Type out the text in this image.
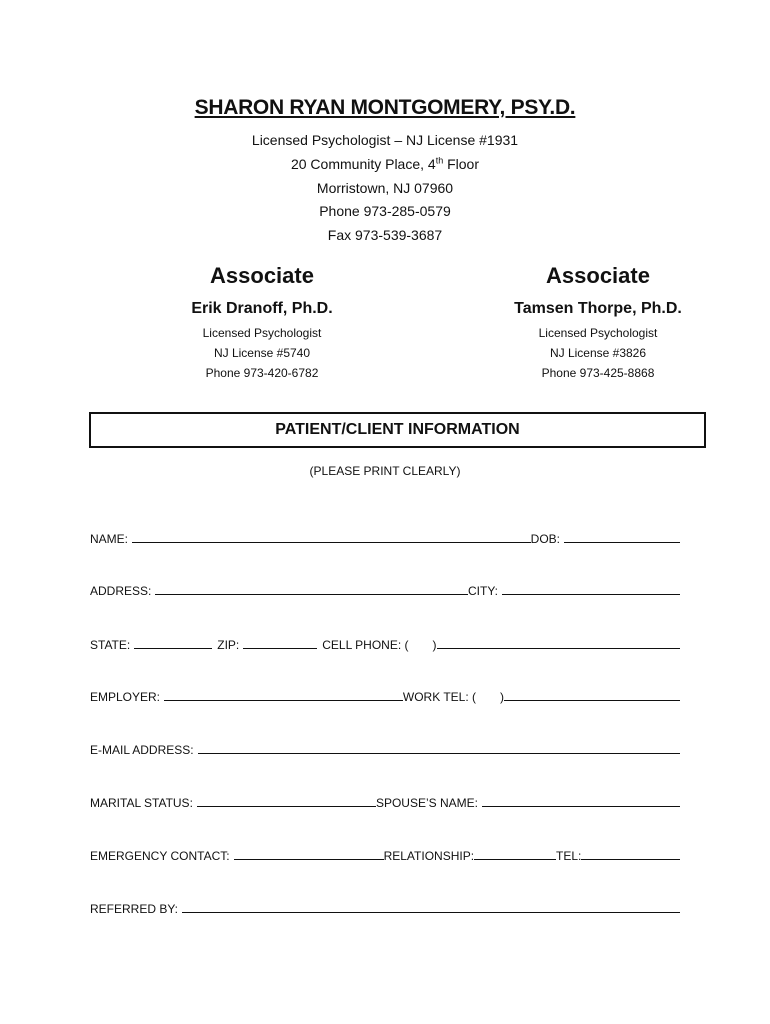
SHARON RYAN MONTGOMERY, PSY.D.
Licensed Psychologist – NJ License #1931
20 Community Place, 4th Floor
Morristown, NJ 07960
Phone 973-285-0579
Fax 973-539-3687
Associate
Erik Dranoff, Ph.D.
Licensed Psychologist
NJ License #5740
Phone 973-420-6782
Associate
Tamsen Thorpe, Ph.D.
Licensed Psychologist
NJ License #3826
Phone 973-425-8868
PATIENT/CLIENT INFORMATION
(PLEASE PRINT CLEARLY)
NAME:	DOB:
ADDRESS:	CITY:
STATE:	ZIP:	CELL PHONE: ( )
EMPLOYER:	WORK TEL: ( )
E-MAIL ADDRESS:
MARITAL STATUS:	SPOUSE’S NAME:
EMERGENCY CONTACT:	RELATIONSHIP:	TEL:
REFERRED BY:
